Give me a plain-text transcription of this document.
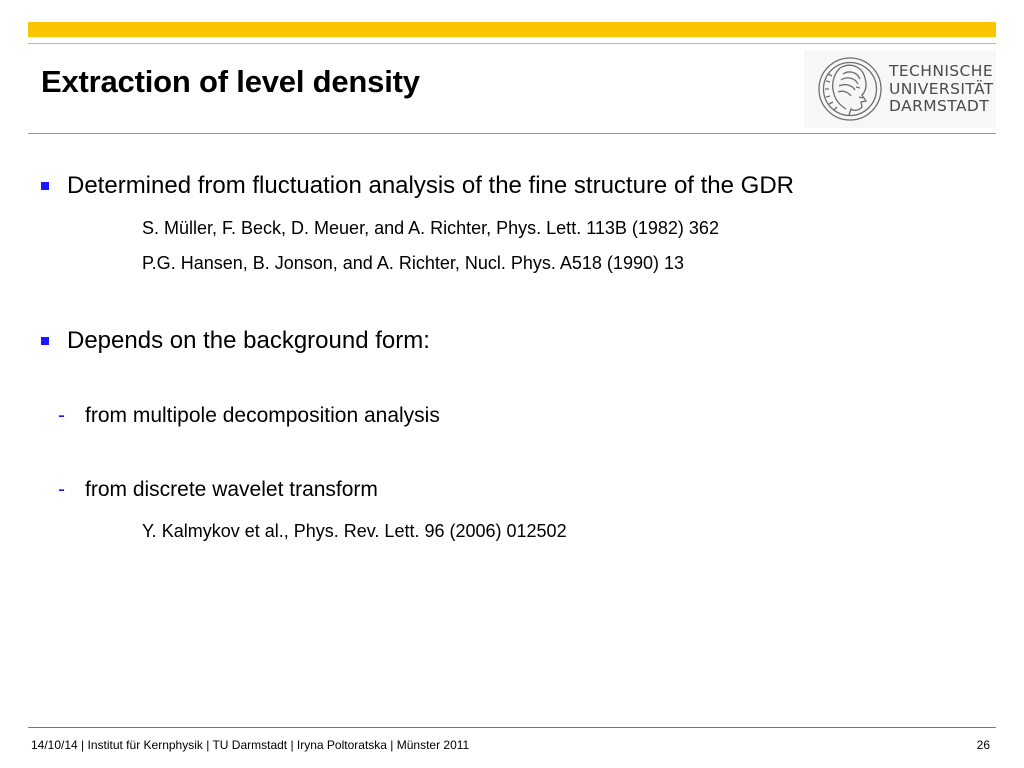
Extraction of level density	TECHNISCHE
UNIVERSITÄT
DARMSTADT
Determined from fluctuation analysis of the fine structure of the GDR
S. Müller, F. Beck, D. Meuer, and A. Richter, Phys. Lett. 113B (1982) 362
P.G. Hansen, B. Jonson, and A. Richter, Nucl. Phys. A518 (1990) 13
Depends on the background form:
- from multipole decomposition analysis
- from discrete wavelet transform
Y. Kalmykov et al., Phys. Rev. Lett. 96 (2006) 012502
14/10/14 | Institut für Kernphysik | TU Darmstadt | Iryna Poltoratska | Münster 2011	26
